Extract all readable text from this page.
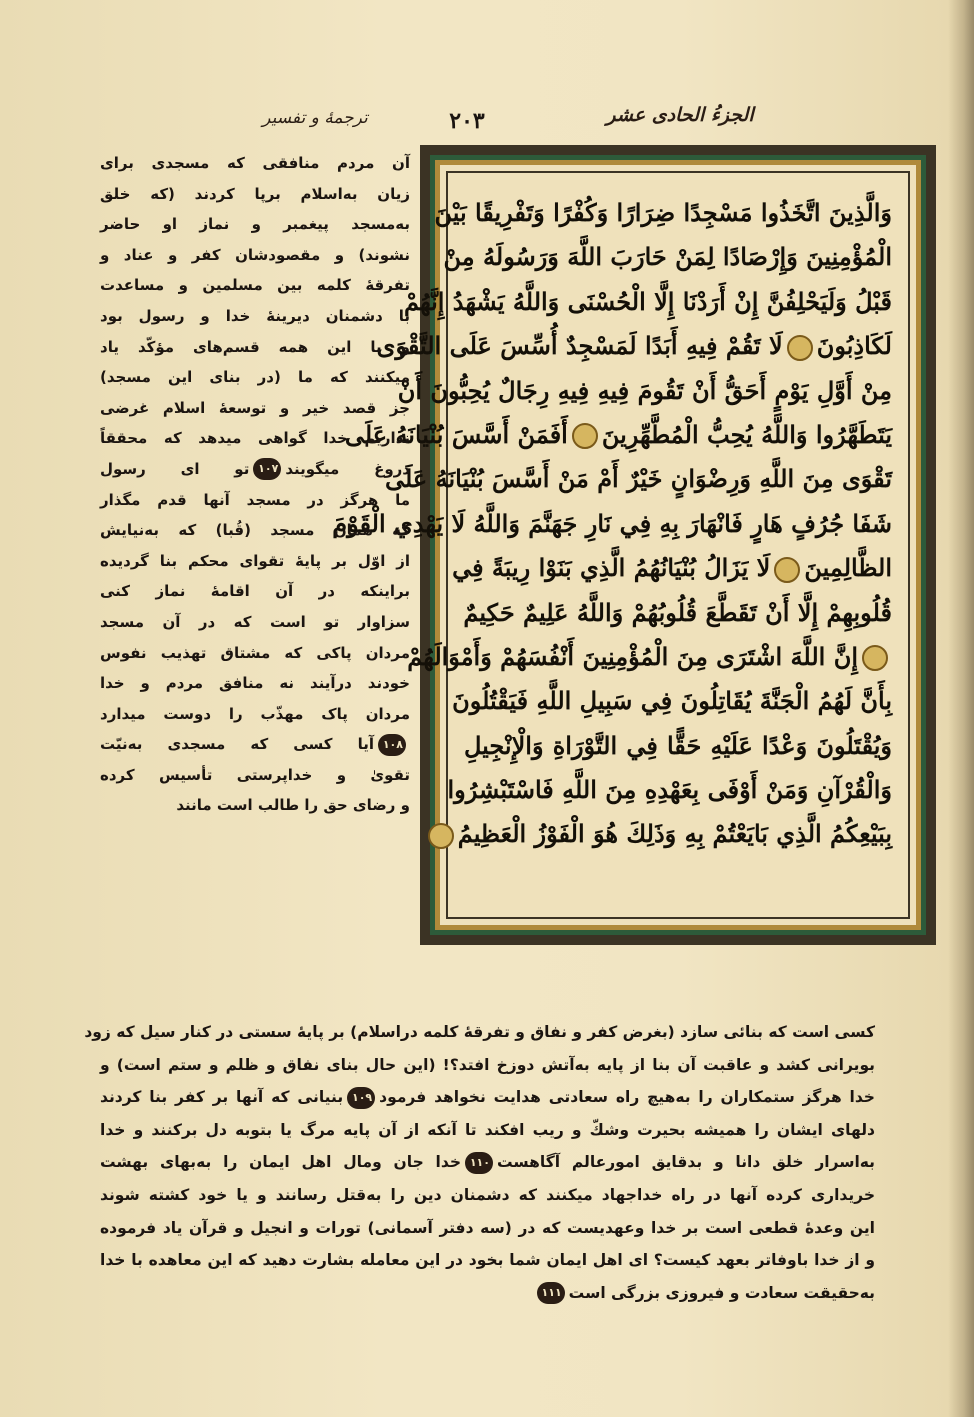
ترجمهٔ و تفسیر	۲۰۳	الجزءُ الحادی عشر
وَالَّذِينَ اتَّخَذُوا مَسْجِدًا ضِرَارًا وَكُفْرًا وَتَفْرِيقًا بَيْنَ
الْمُؤْمِنِينَ وَإِرْصَادًا لِمَنْ حَارَبَ اللَّهَ وَرَسُولَهُ مِنْ
قَبْلُ وَلَيَحْلِفُنَّ إِنْ أَرَدْنَا إِلَّا الْحُسْنَى وَاللَّهُ يَشْهَدُ إِنَّهُمْ
لَكَاذِبُونَلَا تَقُمْ فِيهِ أَبَدًا لَمَسْجِدٌ أُسِّسَ عَلَى التَّقْوَى
مِنْ أَوَّلِ يَوْمٍ أَحَقُّ أَنْ تَقُومَ فِيهِ فِيهِ رِجَالٌ يُحِبُّونَ أَنْ
يَتَطَهَّرُوا وَاللَّهُ يُحِبُّ الْمُطَّهِّرِينَأَفَمَنْ أَسَّسَ بُنْيَانَهُ عَلَى
تَقْوَى مِنَ اللَّهِ وَرِضْوَانٍ خَيْرٌ أَمْ مَنْ أَسَّسَ بُنْيَانَهُ عَلَى
شَفَا جُرُفٍ هَارٍ فَانْهَارَ بِهِ فِي نَارِ جَهَنَّمَ وَاللَّهُ لَا يَهْدِي الْقَوْمَ
الظَّالِمِينَلَا يَزَالُ بُنْيَانُهُمُ الَّذِي بَنَوْا رِيبَةً فِي
قُلُوبِهِمْ إِلَّا أَنْ تَقَطَّعَ قُلُوبُهُمْ وَاللَّهُ عَلِيمٌ حَكِيمٌ
إِنَّ اللَّهَ اشْتَرَى مِنَ الْمُؤْمِنِينَ أَنْفُسَهُمْ وَأَمْوَالَهُمْ
بِأَنَّ لَهُمُ الْجَنَّةَ يُقَاتِلُونَ فِي سَبِيلِ اللَّهِ فَيَقْتُلُونَ
وَيُقْتَلُونَ وَعْدًا عَلَيْهِ حَقًّا فِي التَّوْرَاةِ وَالْإِنْجِيلِ
وَالْقُرْآنِ وَمَنْ أَوْفَى بِعَهْدِهِ مِنَ اللَّهِ فَاسْتَبْشِرُوا
بِبَيْعِكُمُ الَّذِي بَايَعْتُمْ بِهِ وَذَلِكَ هُوَ الْفَوْزُ الْعَظِيمُ
آن مردم منافقی که مسجدی برای
زیان به‌اسلام برپا کردند (که خلق
به‌مسجد پیغمبر و نماز او حاضر
نشوند) و مقصودشان کفر و عناد و
تفرقهٔ کلمه بین مسلمین و مساعدت
با دشمنان دیرینهٔ خدا و رسول بود
و با این همه قسم‌های مؤکّد یاد
میکنند که ما (در بنای این مسجد)
جز قصد خیر و توسعهٔ اسلام غرضی
نداریم خدا گواهی میدهد که محققاً
دروغ میگویند۱۰۷تو ای رسول
ما هرگز در مسجد آنها قدم مگذار
که همان مسجد (قُبا) که به‌نیایش
از اوّل بر پایهٔ تقوای محکم بنا گردیده
براینکه در آن اقامهٔ نماز کنی
سزاوار تو است که در آن مسجد
مردان پاکی که مشتاق تهذیب نفوس
خودند درآیند نه منافق مردم و خدا
مردان پاک مهذّب را دوست میدارد
۱۰۸آیا کسی که مسجدی به‌نیّت
تقویٰ و خداپرستی تأسیس کرده
و رضای حق را طالب است مانند
کسی است که بنائی سازد (بغرض کفر و نفاق و تفرقهٔ کلمه دراسلام) بر پایهٔ سستی در کنار سیل که زود
بویرانی کشد و عاقبت آن بنا از پایه به‌آتش دوزخ افتد؟! (این حال بنای نفاق و ظلم و ستم است) و
خدا هرگز ستمکاران را به‌هیچ راه سعادتی هدایت نخواهد فرمود۱۰۹بنیانی که آنها بر کفر بنا کردند
دلهای ایشان را همیشه بحیرت وشكّ و ریب افکند تا آنکه از آن پایه مرگ یا بتوبه دل برکنند و خدا
به‌اسرار خلق دانا و بدقایق امورعالم آگاهست۱۱۰خدا جان ومال اهل ایمان را به‌بهای بهشت
خریداری کرده آنها در راه خداجهاد میکنند که دشمنان دین را به‌قتل رسانند و یا خود کشته شوند
این وعدهٔ قطعی است بر خدا وعهدیست که در (سه دفتر آسمانی) تورات و انجیل و قرآن یاد فرموده
و از خدا باوفاتر بعهد کیست؟ ای اهل ایمان شما بخود در این معامله بشارت دهید که این معاهده با خدا
به‌حقیقت سعادت و فیروزی بزرگی است۱۱۱
